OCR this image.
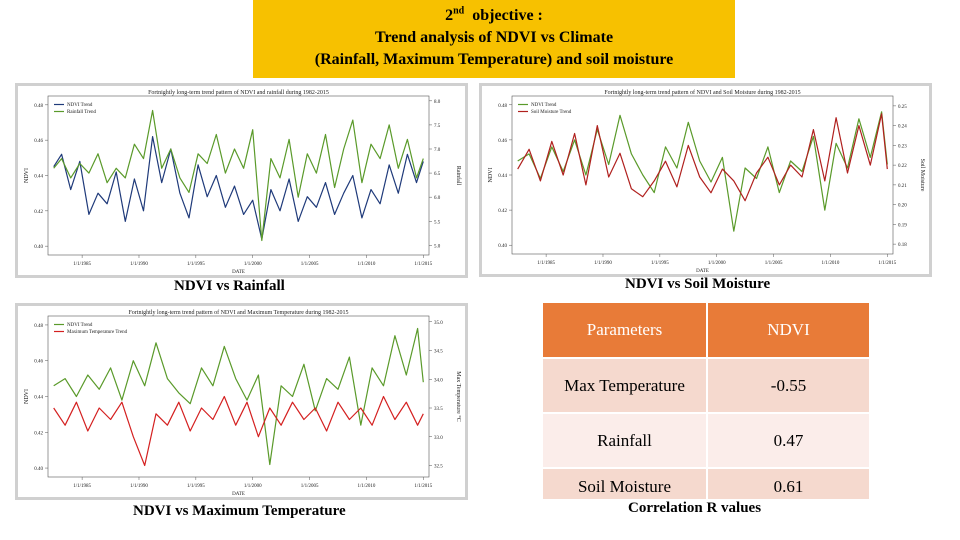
2nd objective :
Trend analysis of NDVI vs Climate
(Rainfall, Maximum Temperature) and soil moisture
Fortnightly long-term trend pattern of NDVI and rainfall during 1982-2015
0.48
0.46
0.44
0.42
0.40
8.0
7.5
7.0
6.5
6.0
5.5
5.0
1/1/1985	1/1/1990	1/1/1995	1/1/2000	1/1/2005	1/1/2010	1/1/2015
DATE
NDVI	Rainfall
NDVI Trend
Rainfall Trend
Fortnightly long-term trend pattern of NDVI and Soil Moisture during 1982-2015
0.48
0.46
0.44
0.42
0.40
0.25
0.24
0.23
0.22
0.21
0.20
0.19
0.18
1/1/1985	1/1/1990	1/1/1995	1/1/2000	1/1/2005	1/1/2010	1/1/2015
DATE
NDVI	Soil Moisture
NDVI Trend
Soil Moisture Trend
Fortnightly long-term trend pattern of NDVI and Maximum Temperature during 1982-2015
0.48
0.46
0.44
0.42
0.40
35.0
34.5
34.0
33.5
33.0
32.5
1/1/1985	1/1/1990	1/1/1995	1/1/2000	1/1/2005	1/1/2010	1/1/2015
DATE
NDVI	Max Temperature °C
NDVI Trend
Maximum Temperature Trend
NDVI vs Rainfall	NDVI vs Soil Moisture
NDVI vs Maximum Temperature
Parameters	NDVI
Max Temperature	-0.55
Rainfall	0.47
Soil Moisture	0.61
Correlation R values
